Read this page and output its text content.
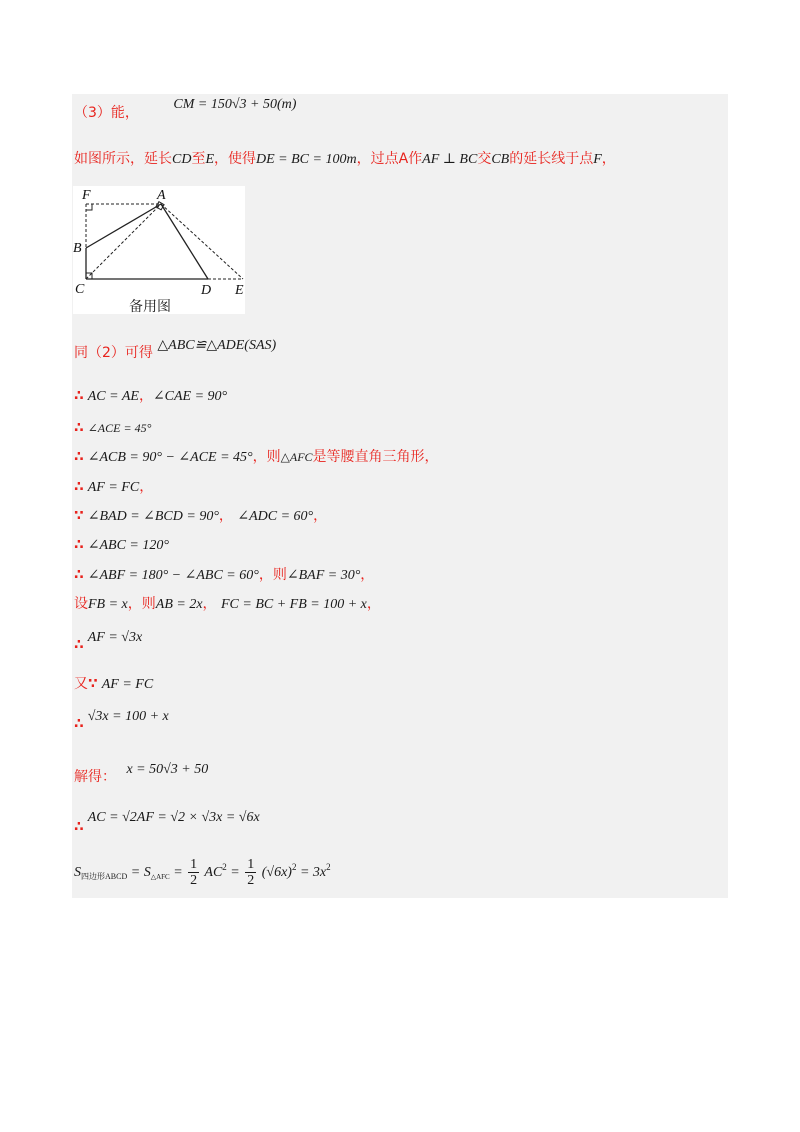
（3）能， CM = 150√3 + 50(m)
如图所示，延长CD至E，使得DE = BC = 100m，过点A作AF ⊥ BC交CB的延长线于点F，
F	A
B
C	D E
备用图
同（2）可得 △ABC≌△ADE(SAS)
∴ AC = AE，∠CAE = 90°
∴ ∠ACE = 45°
∴ ∠ACB = 90° − ∠ACE = 45°，则△AFC是等腰直角三角形，
∴ AF = FC，
∵ ∠BAD = ∠BCD = 90°， ∠ADC = 60°，
∴ ∠ABC = 120°
∴ ∠ABF = 180° − ∠ABC = 60°，则∠BAF = 30°，
设FB = x，则AB = 2x， FC = BC + FB = 100 + x，
∴ AF = √3x
又∵ AF = FC
∴ √3x = 100 + x
解得： x = 50√3 + 50
∴AC = √2AF = √2 × √3x = √6x
$S_{四边形ABCD} = S_{\triangle AFC} = \frac{1}{2} AC^2 = \frac{1}{2} (√6x)^2 = 3x^2$
